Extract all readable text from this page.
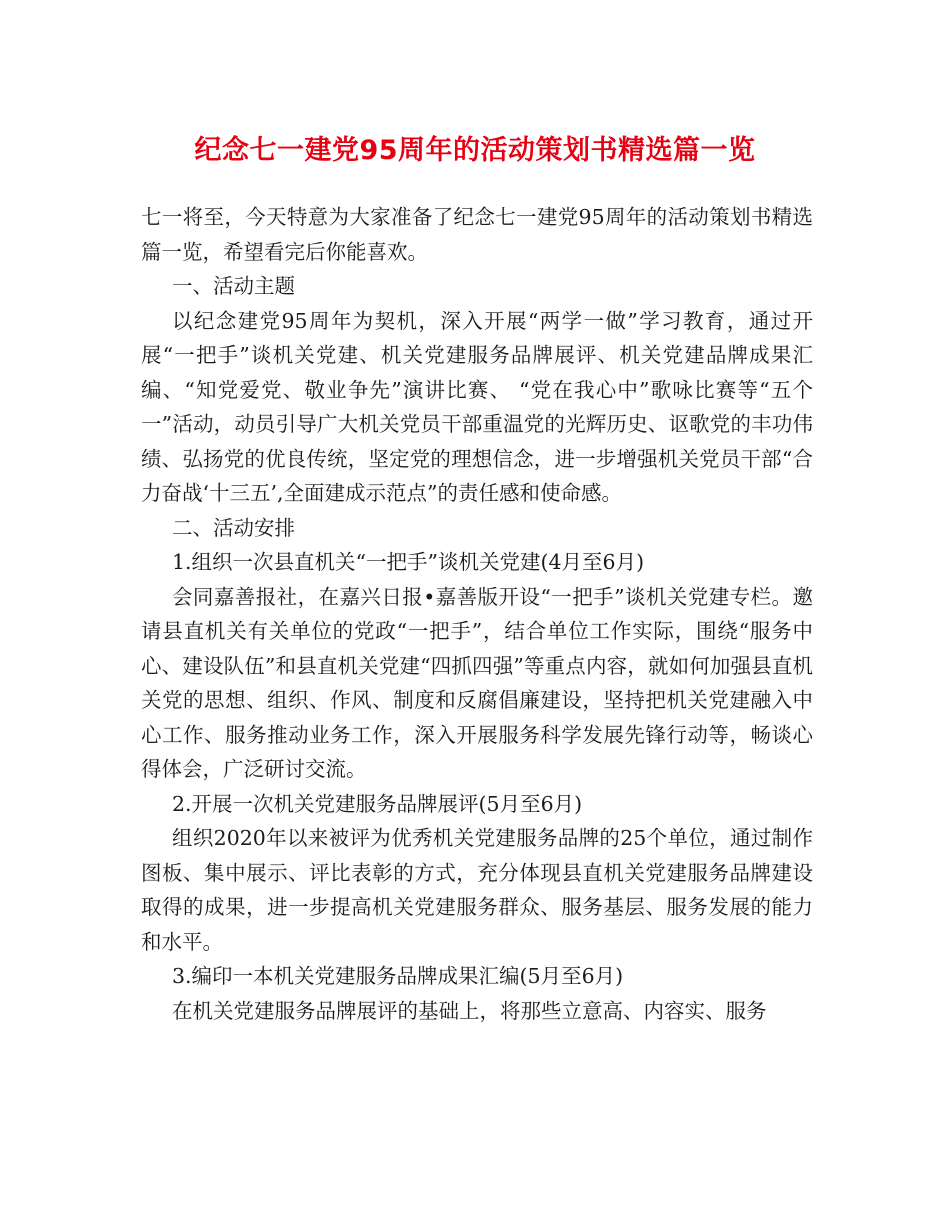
纪念七一建党95周年的活动策划书精选篇一览

七一将至，今天特意为大家准备了纪念七一建党95周年的活动策划书精选篇一览，希望看完后你能喜欢。

一、活动主题

以纪念建党95周年为契机，深入开展“两学一做”学习教育，通过开展“一把手”谈机关党建、机关党建服务品牌展评、机关党建品牌成果汇编、“知党爱党、敬业争先”演讲比赛、 “党在我心中”歌咏比赛等“五个一”活动，动员引导广大机关党员干部重温党的光辉历史、讴歌党的丰功伟绩、弘扬党的优良传统，坚定党的理想信念，进一步增强机关党员干部“合力奋战‘十三五’,全面建成示范点”的责任感和使命感。

二、活动安排

1.组织一次县直机关“一把手”谈机关党建(4月至6月)

会同嘉善报社，在嘉兴日报•嘉善版开设“一把手”谈机关党建专栏。邀请县直机关有关单位的党政“一把手”，结合单位工作实际，围绕“服务中心、建设队伍”和县直机关党建“四抓四强”等重点内容，就如何加强县直机关党的思想、组织、作风、制度和反腐倡廉建设，坚持把机关党建融入中心工作、服务推动业务工作，深入开展服务科学发展先锋行动等，畅谈心得体会，广泛研讨交流。

2.开展一次机关党建服务品牌展评(5月至6月)

组织2020年以来被评为优秀机关党建服务品牌的25个单位，通过制作图板、集中展示、评比表彰的方式，充分体现县直机关党建服务品牌建设取得的成果，进一步提高机关党建服务群众、服务基层、服务发展的能力和水平。

3.编印一本机关党建服务品牌成果汇编(5月至6月)

在机关党建服务品牌展评的基础上，将那些立意高、内容实、服务
